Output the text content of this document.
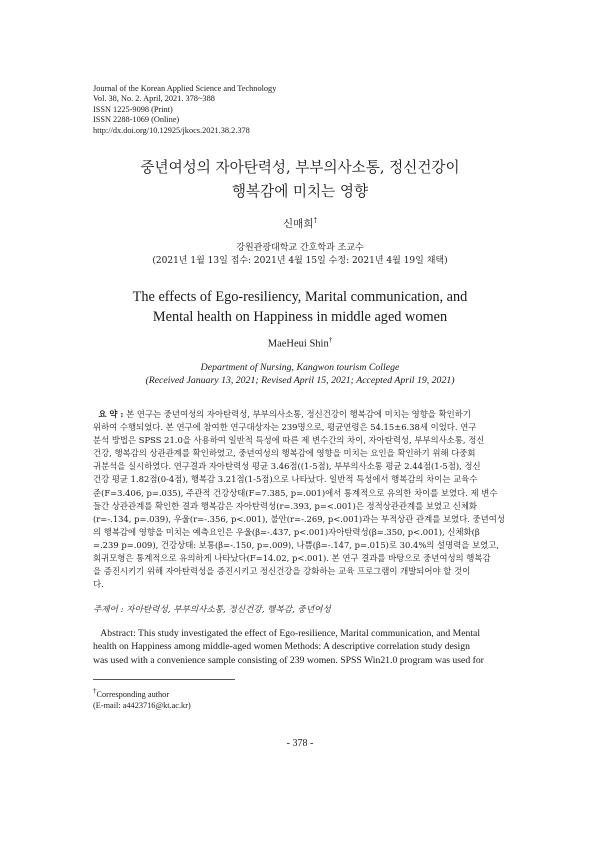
Journal of the Korean Applied Science and Technology
Vol. 38, No. 2. April, 2021. 378~388
ISSN 1225-9098 (Print)
ISSN 2288-1069 (Online)
http://dx.doi.org/10.12925/jkocs.2021.38.2.378
중년여성의 자아탄력성, 부부의사소통, 정신건강이
행복감에 미치는 영향
신매희†
강원관광대학교 간호학과 조교수
(2021년 1월 13일 접수: 2021년 4월 15일 수정: 2021년 4월 19일 채택)
The effects of Ego-resiliency, Marital communication, and
Mental health on Happiness in middle aged women
MaeHeui Shin†
Department of Nursing, Kangwon tourism College
(Received January 13, 2021; Revised April 15, 2021; Accepted April 19, 2021)
요 약 : 본 연구는 중년여성의 자아탄력성, 부부의사소통, 정신건강이 행복감에 미치는 영향을 확인하기
위하여 수행되었다. 본 연구에 참여한 연구대상자는 239명으로, 평균연령은 54.15±6.38세 이었다. 연구
분석 방법은 SPSS 21.0을 사용하여 일반적 특성에 따른 제 변수간의 차이, 자아탄력성, 부부의사소통, 정신
건강, 행복감의 상관관계를 확인하였고, 중년여성의 행복감에 영향을 미치는 요인을 확인하기 위해 다중회
귀분석을 실시하였다. 연구결과 자아탄력성 평균 3.46점((1-5점), 부부의사소통 평균 2.44점(1-5점), 정신
건강 평균 1.82점(0-4점), 행복감 3.21점(1-5점)으로 나타났다. 일반적 특성에서 행복감의 차이는 교육수
준(F=3.406, p=.035), 주관적 건강상태(F=7.385, p=.001)에서 통계적으로 유의한 차이를 보였다. 제 변수
들간 상관관계를 확인한 결과 행복감은 자아탄력성(r=.393, p=<.001)은 정적상관관계를 보였고 신체화
(r=-.134, p=.039), 우울(r=-.356, p<.001), 불안(r=-.269, p<.001)과는 부적상관 관계를 보였다. 중년여성
의 행복감에 영향을 미치는 예측요인은 우울(β=-.437, p<.001)자아탄력성(β=.350, p<.001), 신체화(β
=.239 p=.009), 건강상태: 보통(β=-.150, p=.009), 나쁨(β=-.147, p=.015)로 30.4%의 설명력을 보였고,
회귀모형은 통계적으로 유의하게 나타났다(F=14.02, p<.001). 본 연구 결과를 바탕으로 중년여성의 행복감
을 증진시키기 위해 자아탄력성을 증진시키고 정신건강을 강화하는 교육 프로그램이 개발되어야 할 것이
다.
주제어 : 자아탄력성, 부부의사소통, 정신건강, 행복감, 중년여성
Abstract: This study investigated the effect of Ego-resilience, Marital communication, and Mental
health on Happiness among middle-aged women Methods: A descriptive correlation study design
was used with a convenience sample consisting of 239 women. SPSS Win21.0 program was used for
†Corresponding author
(E-mail: a4423716@kt.ac.kr)
- 378 -
